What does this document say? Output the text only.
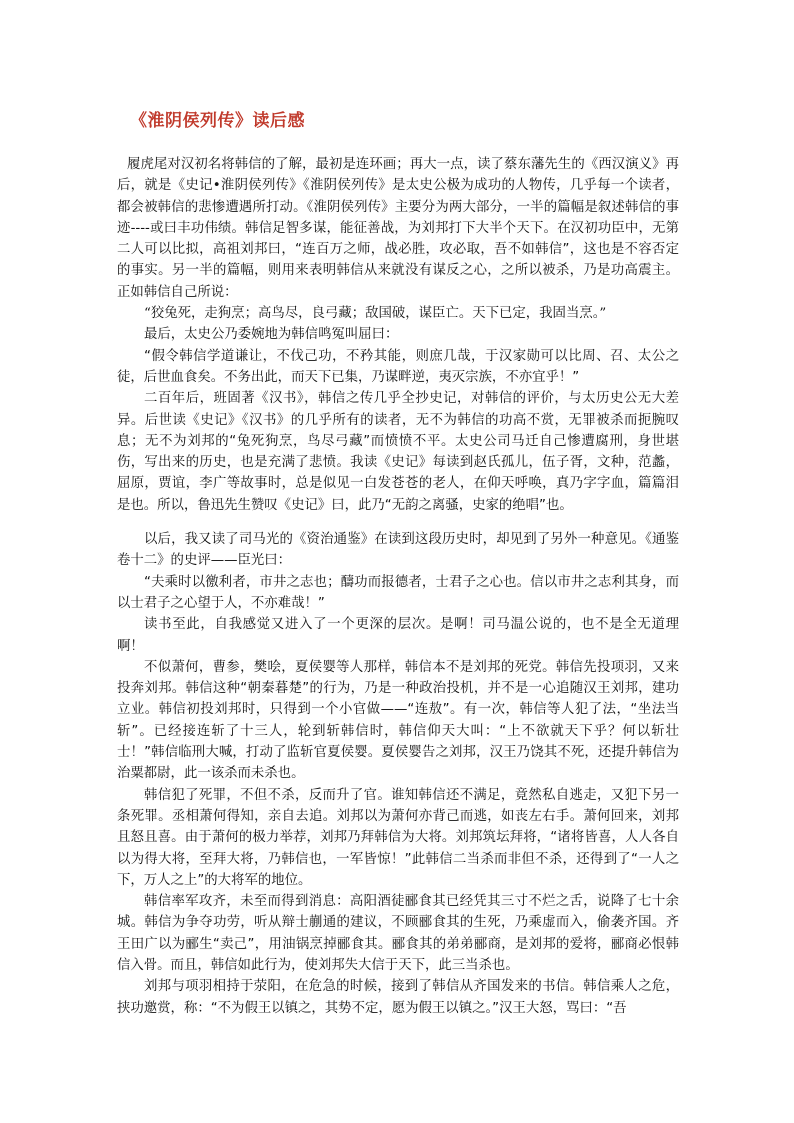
《淮阴侯列传》读后感

履虎尾对汉初名将韩信的了解，最初是连环画；再大一点，读了蔡东藩先生的《西汉演义》再后，就是《史记•淮阴侯列传》《淮阴侯列传》是太史公极为成功的人物传，几乎每一个读者，都会被韩信的悲惨遭遇所打动。《淮阴侯列传》主要分为两大部分，一半的篇幅是叙述韩信的事迹----或曰丰功伟绩。韩信足智多谋，能征善战，为刘邦打下大半个天下。在汉初功臣中，无第二人可以比拟，高祖刘邦曰，“连百万之师，战必胜，攻必取，吾不如韩信”，这也是不容否定的事实。另一半的篇幅，则用来表明韩信从来就没有谋反之心，之所以被杀，乃是功高震主。正如韩信自己所说：

“狡兔死，走狗烹；高鸟尽，良弓藏；敌国破，谋臣亡。天下已定，我固当烹。”

最后，太史公乃委婉地为韩信鸣冤叫屈曰：

“假令韩信学道谦让，不伐己功，不矜其能，则庶几哉，于汉家勋可以比周、召、太公之徒，后世血食矣。不务出此，而天下已集，乃谋畔逆，夷灭宗族，不亦宜乎！”

二百年后，班固著《汉书》，韩信之传几乎全抄史记，对韩信的评价，与太历史公无大差异。后世读《史记》《汉书》的几乎所有的读者，无不为韩信的功高不赏，无罪被杀而扼腕叹息；无不为刘邦的“兔死狗烹，鸟尽弓藏”而愤愤不平。太史公司马迁自己惨遭腐刑，身世堪伤，写出来的历史，也是充满了悲愤。我读《史记》每读到赵氏孤儿，伍子胥，文种，范蠡，屈原，贾谊，李广等故事时，总是似见一白发苍苍的老人，在仰天呼唤，真乃字字血，篇篇泪是也。所以，鲁迅先生赞叹《史记》曰，此乃“无韵之离骚，史家的绝唱”也。

以后，我又读了司马光的《资治通鉴》在读到这段历史时，却见到了另外一种意见。《通鉴卷十二》的史评——臣光曰：

“夫乘时以徼利者，市井之志也；醻功而报德者，士君子之心也。信以市井之志利其身，而以士君子之心望于人，不亦难哉！”

读书至此，自我感觉又进入了一个更深的层次。是啊！司马温公说的，也不是全无道理啊！

不似萧何，曹参，樊哙，夏侯婴等人那样，韩信本不是刘邦的死党。韩信先投项羽，又来投奔刘邦。韩信这种“朝秦暮楚”的行为，乃是一种政治投机，并不是一心追随汉王刘邦，建功立业。韩信初投刘邦时，只得到一个小官做——“连敖”。有一次，韩信等人犯了法，“坐法当斩”。已经接连斩了十三人，轮到斩韩信时，韩信仰天大叫：“上不欲就天下乎？何以斩壮士！”韩信临刑大喊，打动了监斩官夏侯婴。夏侯婴告之刘邦，汉王乃饶其不死，还提升韩信为治粟都尉，此一该杀而未杀也。

韩信犯了死罪，不但不杀，反而升了官。谁知韩信还不满足，竟然私自逃走，又犯下另一条死罪。丞相萧何得知，亲自去追。刘邦以为萧何亦背己而逃，如丧左右手。萧何回来，刘邦且怒且喜。由于萧何的极力举荐，刘邦乃拜韩信为大将。刘邦筑坛拜将，“诸将皆喜，人人各自以为得大将，至拜大将，乃韩信也，一军皆惊！”此韩信二当杀而非但不杀，还得到了“一人之下，万人之上”的大将军的地位。

韩信率军攻齐，未至而得到消息：高阳酒徒郦食其已经凭其三寸不烂之舌，说降了七十余城。韩信为争夺功劳，听从辩士蒯通的建议，不顾郦食其的生死，乃乘虚而入，偷袭齐国。齐王田广以为郦生“卖己”，用油锅烹掉郦食其。郦食其的弟弟郦商，是刘邦的爱将，郦商必恨韩信入骨。而且，韩信如此行为，使刘邦失大信于天下，此三当杀也。

刘邦与项羽相持于荥阳，在危急的时候，接到了韩信从齐国发来的书信。韩信乘人之危，挟功邀赏，称：“不为假王以镇之，其势不定，愿为假王以镇之。”汉王大怒，骂曰：“吾
